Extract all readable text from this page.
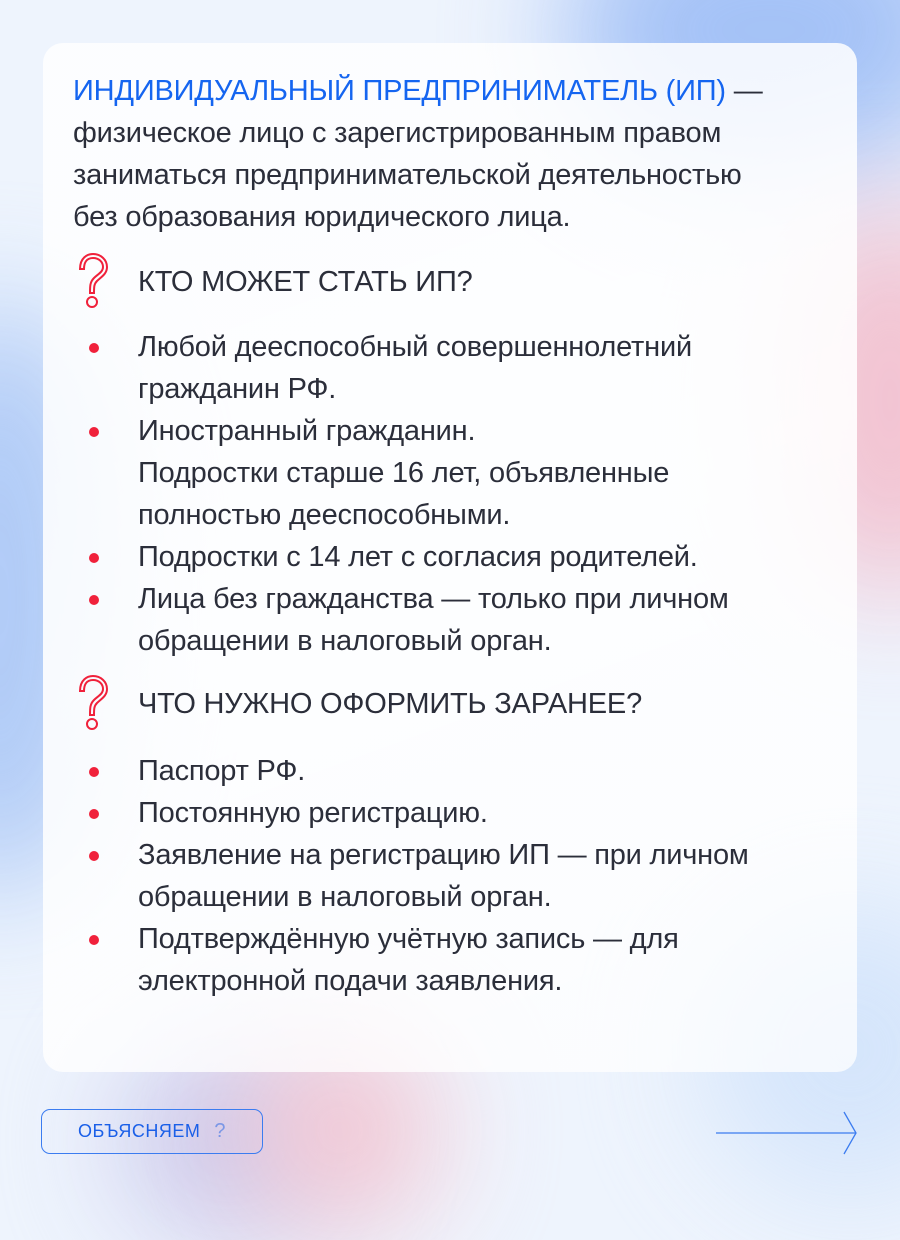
ИНДИВИДУАЛЬНЫЙ ПРЕДПРИНИМАТЕЛЬ (ИП) —
физическое лицо с зарегистрированным правом
заниматься предпринимательской деятельностью
без образования юридического лица.
КТО МОЖЕТ СТАТЬ ИП?
Любой дееспособный совершеннолетний
гражданин РФ.
Иностранный гражданин.
Подростки старше 16 лет, объявленные
полностью дееспособными.
Подростки с 14 лет с согласия родителей.
Лица без гражданства — только при личном
обращении в налоговый орган.
ЧТО НУЖНО ОФОРМИТЬ ЗАРАНЕЕ?
Паспорт РФ.
Постоянную регистрацию.
Заявление на регистрацию ИП — при личном
обращении в налоговый орган.
Подтверждённую учётную запись — для
электронной подачи заявления.
ОБЪЯСНЯЕМ ?
